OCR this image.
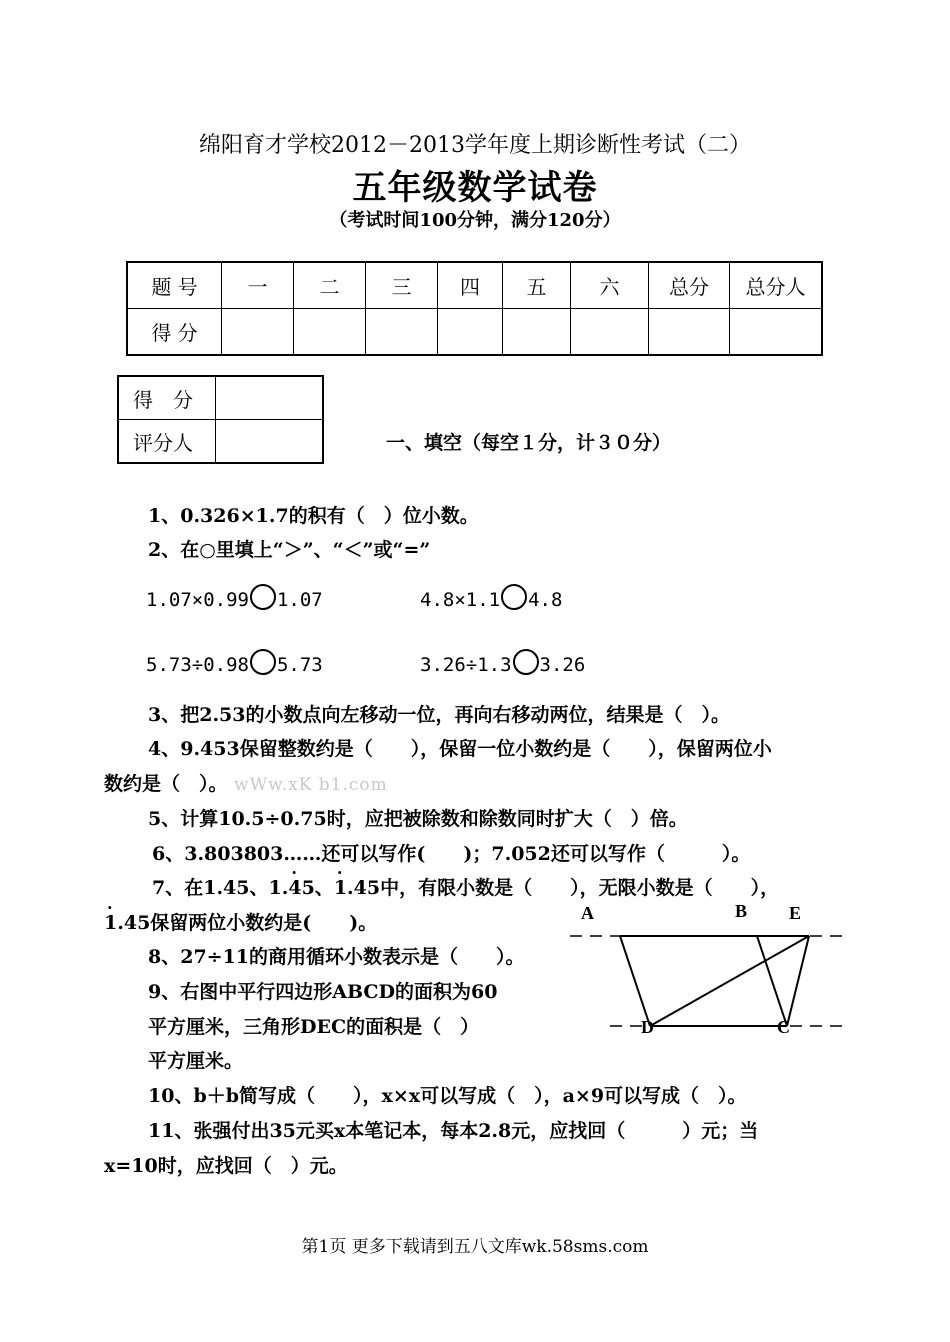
绵阳育才学校2012－2013学年度上期诊断性考试（二）
五年级数学试卷
（考试时间100分钟，满分120分）
题 号	一	二	三	四	五	六	总分	总分人
得 分								
得　分	
评分人		一、填空（每空１分，计３０分）
1、0.326×1.7的积有（　）位小数。
2、在○里填上“＞”、“＜”或“=”
1.07×0.99 1.07	4.8×1.1 4.8
5.73÷0.98 5.73	3.26÷1.3 3.26
3、把2.53的小数点向左移动一位，再向右移动两位，结果是（　）。
4、9.453保留整数约是（　　），保留一位小数约是（　　），保留两位小
数约是（　）。 wWw.xK b1.com
5、计算10.5÷0.75时，应把被除数和除数同时扩大（　）倍。
6、3.803803……还可以写作(　　)；7.052还可以写作（　　　）。
7、在1.45、1.· 45、· 1.45中，有限小数是（　　），无限小数是（　　），
· 1.45保留两位小数约是(　　)。
8、27÷11的商用循环小数表示是（　　）。
9、右图中平行四边形ABCD的面积为60
平方厘米，三角形DEC的面积是（　）
平方厘米。
A	B E
D	C
10、b＋b简写成（　　），x×x可以写成（　），a×9可以写成（　）。
11、张强付出35元买x本笔记本，每本2.8元，应找回（　　　）元；当
x=10时，应找回（　）元。
第1页 更多下载请到五八文库wk.58sms.com
